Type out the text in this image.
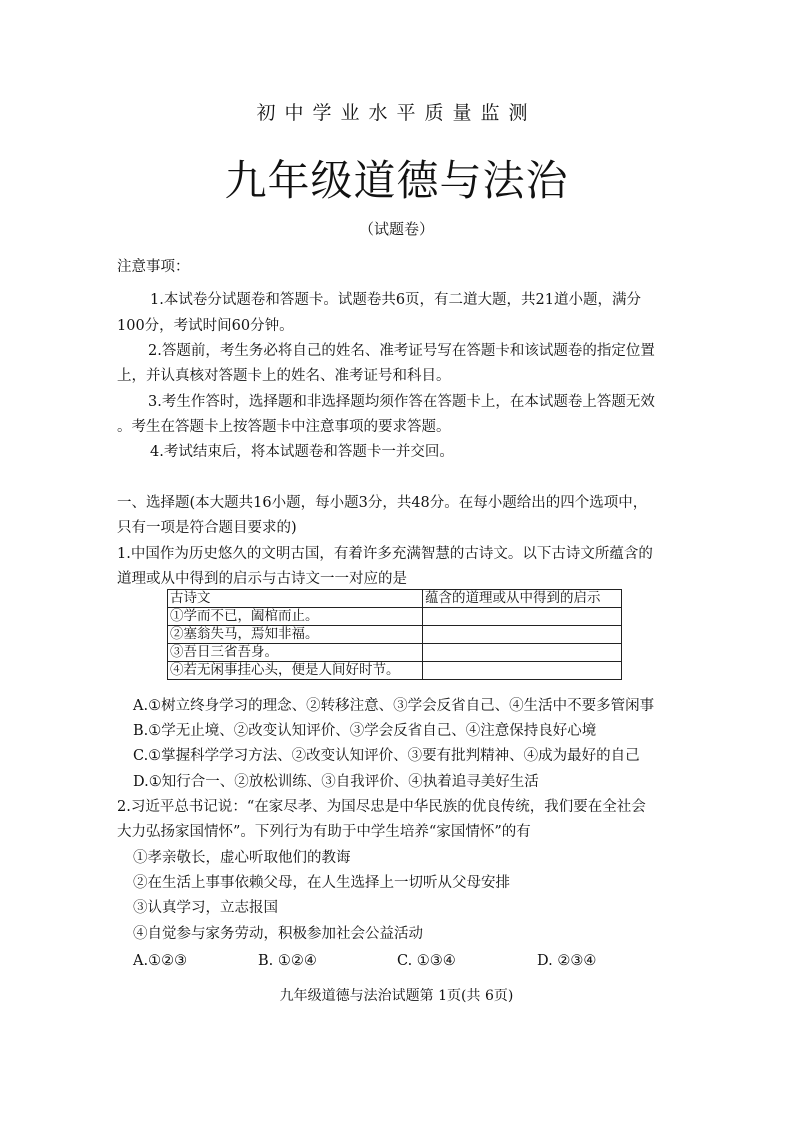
初中学业水平质量监测
九年级道德与法治
（试题卷）
注意事项：
1.本试卷分试题卷和答题卡。试题卷共6页，有二道大题，共21道小题，满分
100分，考试时间60分钟。
2.答题前，考生务必将自己的姓名、准考证号写在答题卡和该试题卷的指定位置
上，并认真核对答题卡上的姓名、准考证号和科目。
3.考生作答时，选择题和非选择题均须作答在答题卡上，在本试题卷上答题无效
。考生在答题卡上按答题卡中注意事项的要求答题。
4.考试结束后，将本试题卷和答题卡一并交回。
一、选择题(本大题共16小题，每小题3分，共48分。在每小题给出的四个选项中，
只有一项是符合题目要求的)
1.中国作为历史悠久的文明古国，有着许多充满智慧的古诗文。以下古诗文所蕴含的
道理或从中得到的启示与古诗文一一对应的是
古诗文	蕴含的道理或从中得到的启示
①学而不已，阖棺而止。	
②塞翁失马，焉知非福。	
③吾日三省吾身。	
④若无闲事挂心头，便是人间好时节。	
A.①树立终身学习的理念、②转移注意、③学会反省自己、④生活中不要多管闲事
B.①学无止境、②改变认知评价、③学会反省自己、④注意保持良好心境
C.①掌握科学学习方法、②改变认知评价、③要有批判精神、④成为最好的自己
D.①知行合一、②放松训练、③自我评价、④执着追寻美好生活
2.习近平总书记说：“在家尽孝、为国尽忠是中华民族的优良传统，我们要在全社会
大力弘扬家国情怀”。下列行为有助于中学生培养“家国情怀”的有
①孝亲敬长，虚心听取他们的教诲
②在生活上事事依赖父母，在人生选择上一切听从父母安排
③认真学习，立志报国
④自觉参与家务劳动，积极参加社会公益活动
A.①②③	B. ①②④	C. ①③④	D. ②③④
九年级道德与法治试题第 1页(共 6页)
